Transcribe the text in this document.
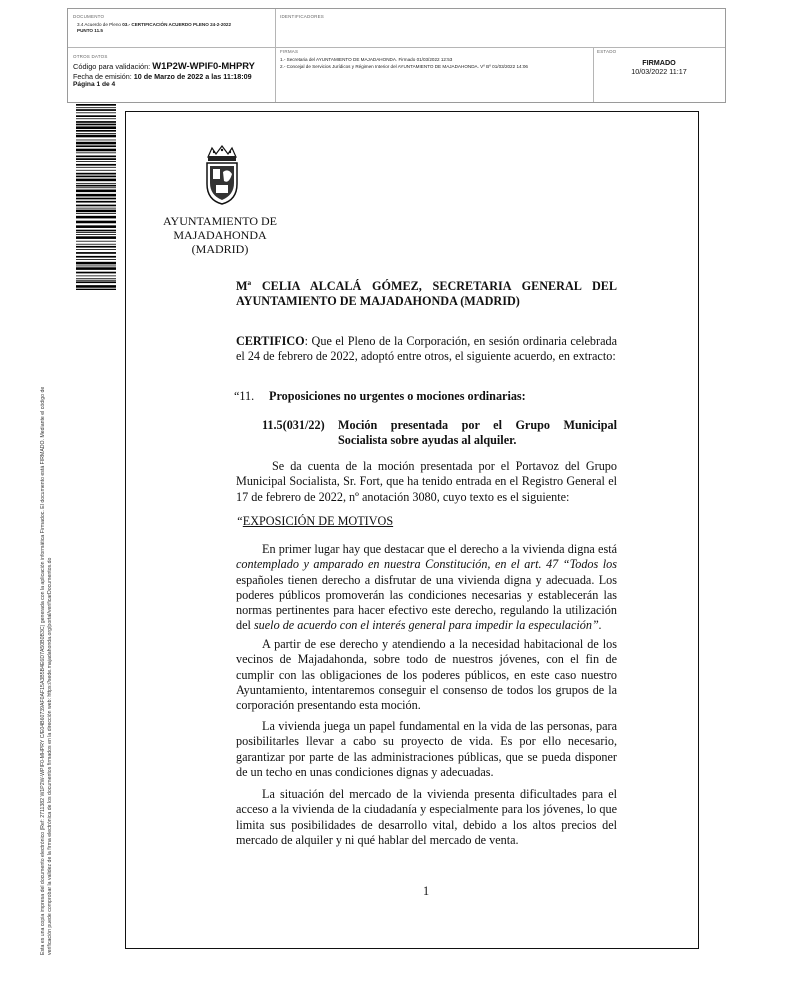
DOCUMENTO
3.4 Acuerdo de Pleno 03.- CERTIFICACIÓN ACUERDO PLENO 24-2-2022
PUNTO 11.5
IDENTIFICADORES
OTROS DATOS
Código para validación: W1P2W-WPIF0-MHPRY
Fecha de emisión: 10 de Marzo de 2022 a las 11:18:09
Página 1 de 4
FIRMAS
1.- Secretaria del AYUNTAMIENTO DE MAJADAHONDA. Firmado 01/03/2022 12:53
2.- Concejal de Servicios Jurídicos y Régimen Interior del AYUNTAMIENTO DE MAJADAHONDA. Vº Bº 01/03/2022 14:06
ESTADO
FIRMADO
10/03/2022 11:17
Esta es una copia impresa del documento electrónico (Ref: 2711382 W1P2W-WPIF0-MHPRY C/E04B60739AF0AF15A3B5B4E6D7A50B0B3C) generada con la aplicación informática Firmadoc. El documento está FIRMADO. Mediante el código de verificación puede comprobar la validez de la firma electrónica de los documentos firmados en la dirección web: https://sede.majadahonda.org/portal/verificarDocumentos.do
AYUNTAMIENTO DE
MAJADAHONDA
(MADRID)
Mª CELIA ALCALÁ GÓMEZ, SECRETARIA GENERAL DEL
AYUNTAMIENTO DE MAJADAHONDA (MADRID)
CERTIFICO: Que el Pleno de la Corporación, en sesión ordinaria celebrada el 24 de febrero de 2022, adoptó entre otros, el siguiente acuerdo, en extracto:
“11. Proposiciones no urgentes o mociones ordinarias:
11.5(031/22)	Moción presentada por el Grupo Municipal Socialista sobre ayudas al alquiler.
Se da cuenta de la moción presentada por el Portavoz del Grupo Municipal Socialista, Sr. Fort, que ha tenido entrada en el Registro General el 17 de febrero de 2022, nº anotación 3080, cuyo texto es el siguiente:
“EXPOSICIÓN DE MOTIVOS
En primer lugar hay que destacar que el derecho a la vivienda digna está contemplado y amparado en nuestra Constitución, en el art. 47 “Todos los españoles tienen derecho a disfrutar de una vivienda digna y adecuada. Los poderes públicos promoverán las condiciones necesarias y establecerán las normas pertinentes para hacer efectivo este derecho, regulando la utilización del suelo de acuerdo con el interés general para impedir la especulación”.
A partir de ese derecho y atendiendo a la necesidad habitacional de los vecinos de Majadahonda, sobre todo de nuestros jóvenes, con el fin de cumplir con las obligaciones de los poderes públicos, en este caso nuestro Ayuntamiento, intentaremos conseguir el consenso de todos los grupos de la corporación presentando esta moción.
La vivienda juega un papel fundamental en la vida de las personas, para posibilitarles llevar a cabo su proyecto de vida. Es por ello necesario, garantizar por parte de las administraciones públicas, que se pueda disponer de un techo en unas condiciones dignas y adecuadas.
La situación del mercado de la vivienda presenta dificultades para el acceso a la vivienda de la ciudadanía y especialmente para los jóvenes, lo que limita sus posibilidades de desarrollo vital, debido a los altos precios del mercado de alquiler y ni qué hablar del mercado de venta.
1
